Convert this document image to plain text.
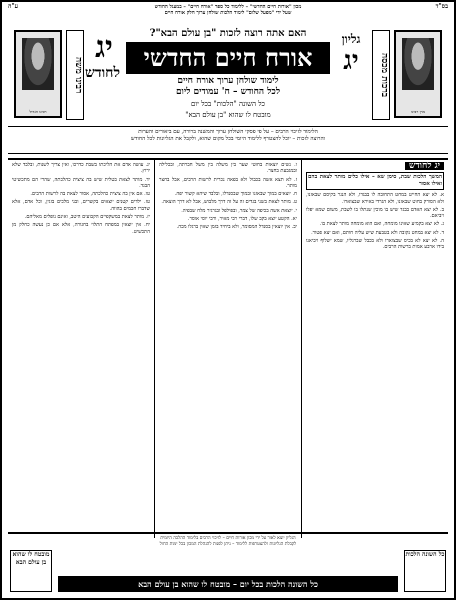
בס"ד
ע"ה	מכון "אורות חיים החדשי" – ללימוד כל ספר "אורח חיים" – במעגל החודש
שעל ידי "מפעל שלום" לימוד הלכות שולחן ערוך חלק אורח חיים
מרן רבינו
ברכות מכסה
גליון
יג
האם אתה רוצה לזכות "בן עולם הבא"?
אורח חיים החדשי
לימוד שולחן ערוך אורח חיים
לכל החודש – ח' עמודים ליום
כל השונה "הלכות" בכל יום
מובטח לו שהוא "בן עולם הבא"
יג
לחודש
רבינו משה
רבינו הגדול
הלימוד לזיכוי הרבים – על פי פסקי השולחן ערוך והמשנה ברורה, עם ביאורים והערות
והרוצה לזכות – יוכל להצטרף ללימוד היומי בכל מקום שהוא, ולקבל את הגליונות לכל החודש
יג לחודש
המשך הלכות שבת, סימן שא – אילו כלים מותר לצאת בהם ואילו אסור

א. לא יצא החייט במחט התחובה לו בבגדו, ולא הנגר בקיסם שבאזנו, ולא הסורק בחוט שבאזנו, ולא הגרדי באירא שבצוארו.

ב. לא יצא האדם בבגד שיש בו מוכין שנתלו בו לשבת, משום שמא יפלו ויביאם.

ג. לא יצא בקמיע שאינו מומחה, ואם הוא מומחה מותר לצאת בו.

ד. לא יצא במחט נקובה ולא בטבעת שיש עליה חותם, ואם יצא פטור.

ה. לא יצא לא בכיס שבצוארו ולא בכבל שברגליו, שמא ישלוף ויביאנו בידו ארבע אמות ברשות הרבים.

ו. נשים יוצאות בחוטי שער בין משלה בין משל חברתה, ובכלילה ובמגבעת בחצר.

ז. לא תצא אשה בכבול ולא בפאה נכרית לרשות הרבים, אבל בחצר מותר.

ח. יוצאים במוך שבאזנו ובמוך שבסנדלו, ובלבד שיהא קשור יפה.

ט. מותר לצאת בשני בגדים זה על זה דרך מלבוש, אבל לא דרך הוצאה.

י. יוצאת אשה בכיפה של צמר, ובפילפל ובגרגיר מלח שבפיה.

יא. הקטע יוצא בקב שלו, דברי רבי מאיר, ורבי יוסי אוסר.

יב. אין יוצאין בסנדל המסומר, ולא ביחיד בזמן שאין ברגלו מכה.

יג. עושה אדם את הליכתו בשבת כדרכו, ואין צריך לשנות, ובלבד שלא ירוץ.

יד. מותר לצאת בטלית שיש בה ציצית כהלכתה, שהרי הם מתכשיטי הבגד.

טו. אם אין בה ציצית כהלכתה, אסור לצאת בה לרשות הרבים.

טז. ילדים קטנים יוצאים בקשרים, ובני מלכים בזגין, וכל אדם, אלא שדברו חכמים בהווה.

יז. מותר לצאת במשקפיים הקבועים היטב, ואינם נופלים מאליהם.

יח. אין יוצאין במפתח התלוי בחגורה, אלא אם כן נעשה כחלק מן התכשיט.

הגליון יוצא לאור על ידי מכון אורות חיים – לזיכוי הרבים בלימוד ההלכה היומית
לקבלת הגליונות ולהצטרפות ללימוד – ניתן לפנות להנהלת המכון בכל ימות החול
כל השונה הלכות
כל השונה הלכות בכל יום – מובטח לו שהוא בן עולם הבא
מובטח לו שהוא בן עולם הבא
